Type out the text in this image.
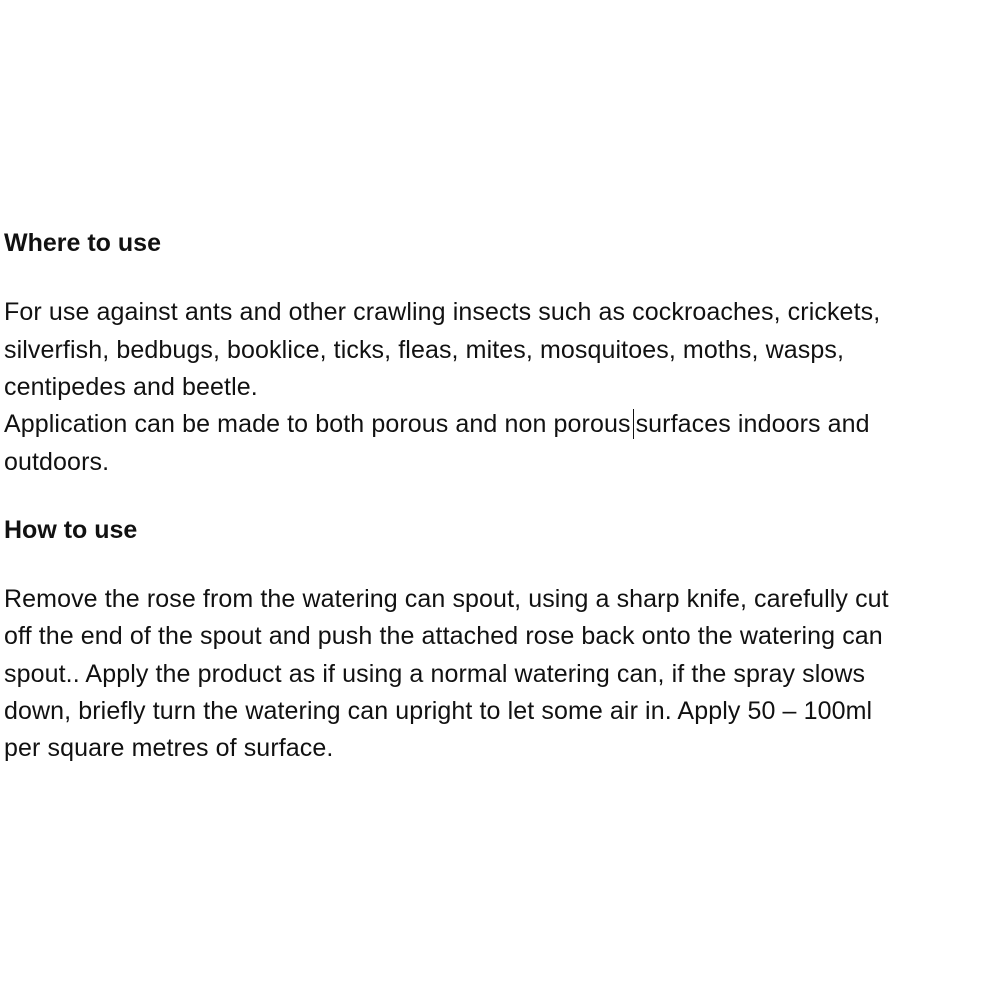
Where to use

For use against ants and other crawling insects such as cockroaches, crickets,

silverfish, bedbugs, booklice, ticks, fleas, mites, mosquitoes, moths, wasps,

centipedes and beetle.

Application can be made to both porous and non porous surfaces indoors and

outdoors.

How to use

Remove the rose from the watering can spout, using a sharp knife, carefully cut

off the end of the spout and push the attached rose back onto the watering can

spout.. Apply the product as if using a normal watering can, if the spray slows

down, briefly turn the watering can upright to let some air in. Apply 50 – 100ml

per square metres of surface.
